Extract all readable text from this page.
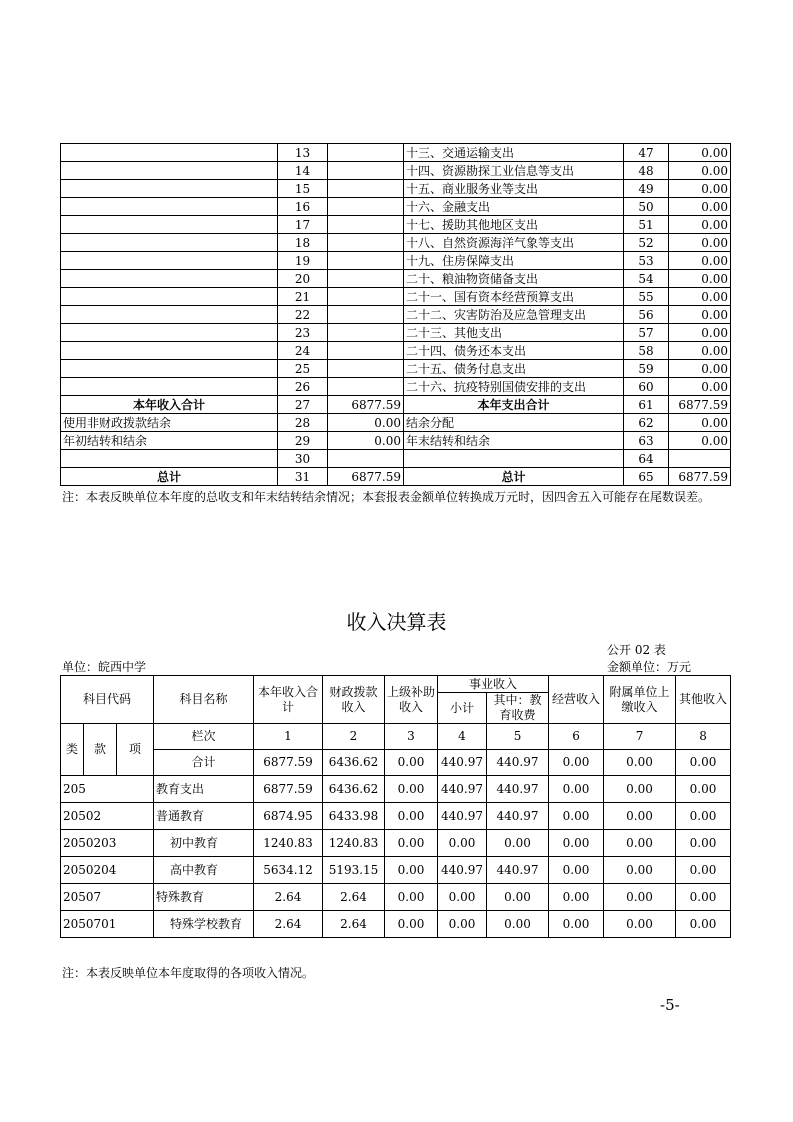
	13		十三、交通运输支出	47	0.00
	14		十四、资源勘探工业信息等支出	48	0.00
	15		十五、商业服务业等支出	49	0.00
	16		十六、金融支出	50	0.00
	17		十七、援助其他地区支出	51	0.00
	18		十八、自然资源海洋气象等支出	52	0.00
	19		十九、住房保障支出	53	0.00
	20		二十、粮油物资储备支出	54	0.00
	21		二十一、国有资本经营预算支出	55	0.00
	22		二十二、灾害防治及应急管理支出	56	0.00
	23		二十三、其他支出	57	0.00
	24		二十四、债务还本支出	58	0.00
	25		二十五、债务付息支出	59	0.00
	26		二十六、抗疫特别国债安排的支出	60	0.00
本年收入合计	27	6877.59	本年支出合计	61	6877.59
使用非财政拨款结余	28	0.00	结余分配	62	0.00
年初结转和结余	29	0.00	年末结转和结余	63	0.00
	30			64	
总计	31	6877.59	总计	65	6877.59
注：本表反映单位本年度的总收支和年末结转结余情况；本套报表金额单位转换成万元时，因四舍五入可能存在尾数误差。
收入决算表
公开 02 表
单位：皖西中学	金额单位：万元
科目代码			科目名称	本年收入合计	财政拨款收入	上级补助收入	事业收入		经营收入	附属单位上缴收入	其他收入
							小计	其中：教育收费			

类	款	项	栏次	1	2	3	4	5	6	7	8
			合计	6877.59	6436.62	0.00	440.97	440.97	0.00	0.00	0.00
205			教育支出	6877.59	6436.62	0.00	440.97	440.97	0.00	0.00	0.00
20502			普通教育	6874.95	6433.98	0.00	440.97	440.97	0.00	0.00	0.00
2050203			初中教育	1240.83	1240.83	0.00	0.00	0.00	0.00	0.00	0.00
2050204			高中教育	5634.12	5193.15	0.00	440.97	440.97	0.00	0.00	0.00
20507			特殊教育	2.64	2.64	0.00	0.00	0.00	0.00	0.00	0.00
2050701			特殊学校教育	2.64	2.64	0.00	0.00	0.00	0.00	0.00	0.00
注：本表反映单位本年度取得的各项收入情况。
-5-
